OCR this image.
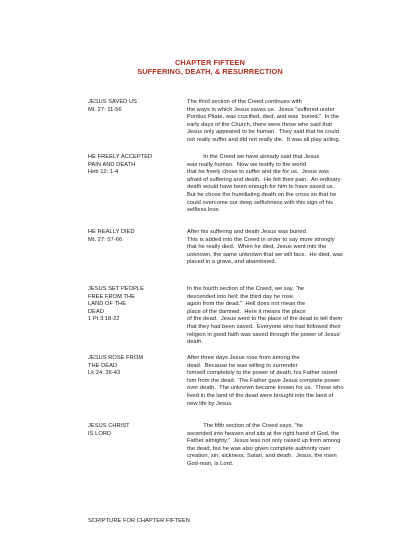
CHAPTER FIFTEEN
SUFFERING, DEATH, & RESURRECTION
JESUS SAVED US
Mt. 27: 11-56
The third section of the Creed continues with
the ways in which Jesus saves us.  Jesus "suffered under
Pontius Pilate, was crucified, died, and was  buried."  In the
early days of the Church, there were those who said that
Jesus only appeared to be human.  They said that he could
not really suffer and did not really die.  It was all play acting.
HE FREELY ACCEPTED
PAIN AND DEATH
Heb 12: 1-4
In the Creed we have already said that Jesus
was really human.  Now we testify to the world
that he freely chose to suffer and die for us.  Jesus was
afraid of suffering and death.  He felt their pain.  An ordinary
death would have been enough for him to have saved us.
But he chose the humiliating death on the cross so that he
could overcome our deep selfishness with this sign of his
selfless love.
HE REALLY DIED
Mt. 27: 57-66
After his suffering and death Jesus was buried.
This is added into the Creed in order to say more strongly
that he really died.  When he died, Jesus went into the
unknown, the same unknown that we will face.  He died, was
placed in a grave, and abandoned.
JESUS SET PEOPLE
FREE FROM THE
LAND OF THE
DEAD
1 Pt 3:18-22
In the fourth section of the Creed, we say, "he
descended into hell; the third day he rose
again from the dead."  Hell does not mean the
place of the damned.  Here it means the place
of the dead.  Jesus went to the place of the dead to tell them
that they had been saved.  Everyone who had followed their
religion in good faith was saved through the power of Jesus'
death.
JESUS ROSE FROM
THE DEAD
Lk 24: 36-43
After three days Jesus rose from among the
dead.  Because he was willing to surrender
himself completely to the power of death, his Father raised
him from the dead.  The Father gave Jesus complete power
over death.  The unknown became known for us.  Those who
lived in the land of the dead were brought into the land of
new life by Jesus.
JESUS CHRIST
IS LORD
The fifth section of the Creed says, "he
ascended into heaven and sits at the right hand of God, the
Father almighty."  Jesus was not only raised up from among
the dead, but he was also given complete authority over
creation, sin, sickness, Satan, and death.  Jesus, the risen
God-man, is Lord.
SCRIPTURE FOR CHAPTER FIFTEEN
